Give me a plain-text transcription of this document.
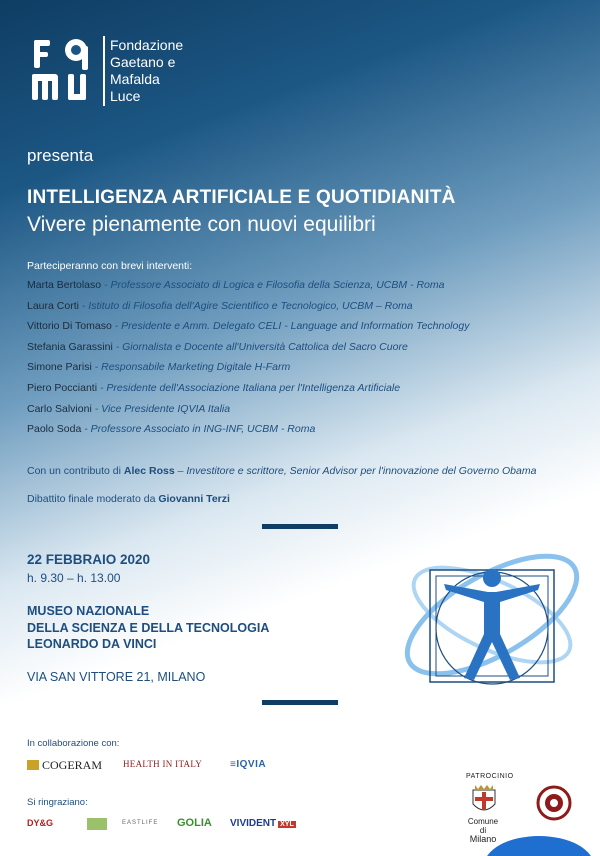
Fondazione
Gaetano e
Mafalda
Luce
presenta
INTELLIGENZA ARTIFICIALE E QUOTIDIANITÀ
Vivere pienamente con nuovi equilibri
Parteciperanno con brevi interventi:
Marta Bertolaso - Professore Associato di Logica e Filosofia della Scienza, UCBM - Roma
Laura Corti - Istituto di Filosofia dell'Agire Scientifico e Tecnologico, UCBM – Roma
Vittorio Di Tomaso - Presidente e Amm. Delegato CELI - Language and Information Technology
Stefania Garassini - Giornalista e Docente all'Università Cattolica del Sacro Cuore
Simone Parisi - Responsabile Marketing Digitale H-Farm
Piero Poccianti - Presidente dell'Associazione Italiana per l'Intelligenza Artificiale
Carlo Salvioni - Vice Presidente IQVIA Italia
Paolo Soda - Professore Associato in ING-INF, UCBM - Roma
Con un contributo di Alec Ross – Investitore e scrittore, Senior Advisor per l'innovazione del Governo Obama
Dibattito finale moderato da Giovanni Terzi
22 FEBBRAIO 2020
h. 9.30 – h. 13.00
MUSEO NAZIONALE
DELLA SCIENZA E DELLA TECNOLOGIA
LEONARDO DA VINCI
VIA SAN VITTORE 21, MILANO
In collaborazione con:
COGERAM HEALTH IN ITALY	≡IQVIA
Si ringraziano:
DY&G	EASTLIFE GOLIA VIVIDENT XYL
PATROCINIO
Comune di
Milano
